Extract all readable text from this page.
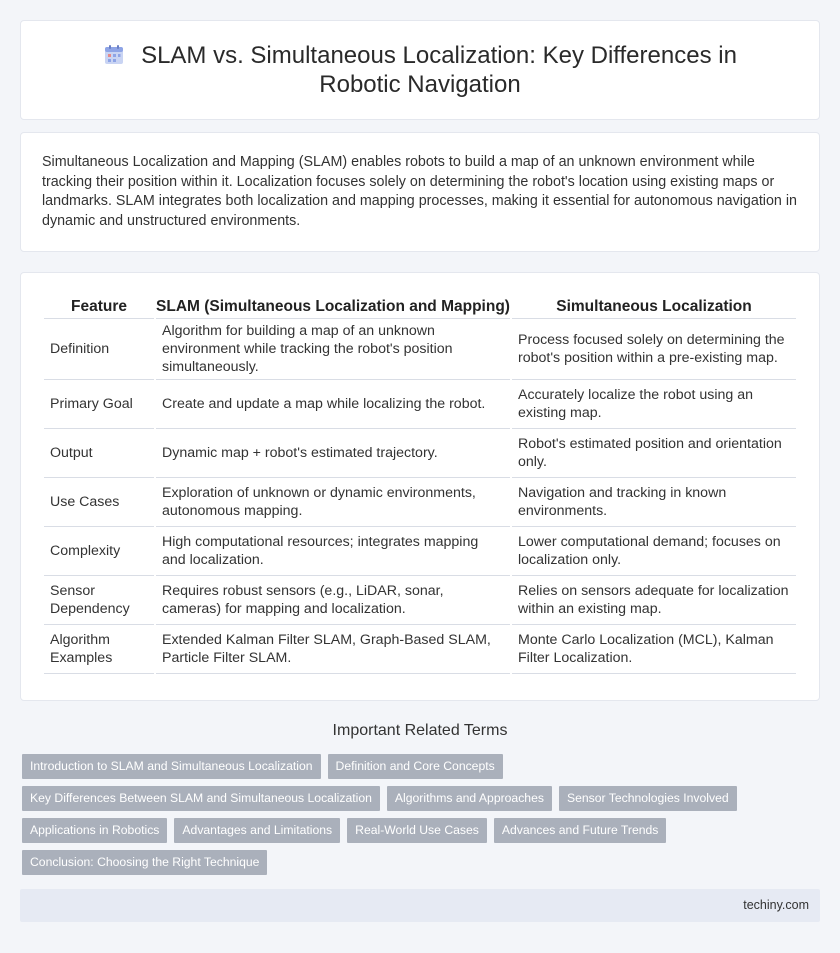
SLAM vs. Simultaneous Localization: Key Differences in Robotic Navigation

Simultaneous Localization and Mapping (SLAM) enables robots to build a map of an unknown environment while tracking their position within it. Localization focuses solely on determining the robot's location using existing maps or landmarks. SLAM integrates both localization and mapping processes, making it essential for autonomous navigation in dynamic and unstructured environments.

Feature	SLAM (Simultaneous Localization and Mapping)	Simultaneous Localization
Definition	Algorithm for building a map of an unknown environment while tracking the robot's position simultaneously.	Process focused solely on determining the robot's position within a pre-existing map.
Primary Goal	Create and update a map while localizing the robot.	Accurately localize the robot using an existing map.
Output	Dynamic map + robot's estimated trajectory.	Robot's estimated position and orientation only.
Use Cases	Exploration of unknown or dynamic environments, autonomous mapping.	Navigation and tracking in known environments.
Complexity	High computational resources; integrates mapping and localization.	Lower computational demand; focuses on localization only.
Sensor Dependency	Requires robust sensors (e.g., LiDAR, sonar, cameras) for mapping and localization.	Relies on sensors adequate for localization within an existing map.
Algorithm Examples	Extended Kalman Filter SLAM, Graph-Based SLAM, Particle Filter SLAM.	Monte Carlo Localization (MCL), Kalman Filter Localization.
Important Related Terms
Introduction to SLAM and Simultaneous Localization	Definition and Core Concepts
Key Differences Between SLAM and Simultaneous Localization	Algorithms and Approaches	Sensor Technologies Involved
Applications in Robotics	Advantages and Limitations	Real-World Use Cases	Advances and Future Trends
Conclusion: Choosing the Right Technique
techiny.com
